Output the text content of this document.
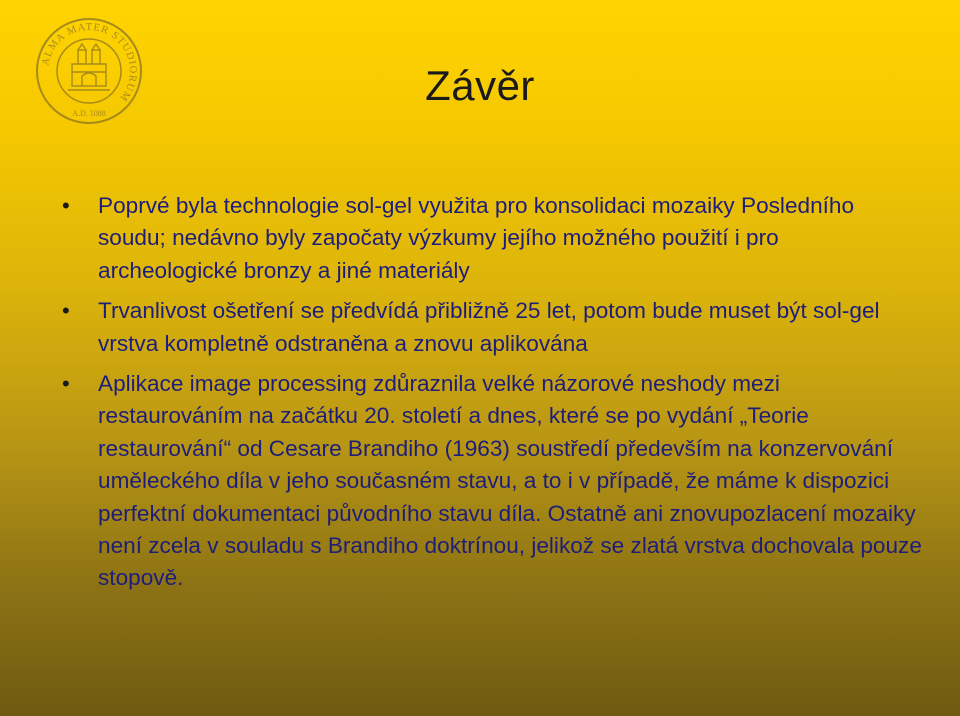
ALMA MATER STUDIORUM
A.D. 1088
Závěr
• Poprvé byla technologie sol-gel využita pro konsolidaci mozaiky Posledního soudu; nedávno byly započaty výzkumy jejího možného použití i pro archeologické bronzy a jiné materiály
• Trvanlivost ošetření se předvídá přibližně 25 let, potom bude muset být sol-gel vrstva kompletně odstraněna a znovu aplikována
• Aplikace image processing zdůraznila velké názorové neshody mezi restaurováním na začátku 20. století a dnes, které se po vydání „Teorie restaurování“ od Cesare Brandiho (1963) soustředí především na konzervování uměleckého díla v jeho současném stavu, a to i v případě, že máme k dispozici perfektní dokumentaci původního stavu díla. Ostatně ani znovupozlacení mozaiky není zcela v souladu s Brandiho doktrínou, jelikož se zlatá vrstva dochovala pouze stopově.
